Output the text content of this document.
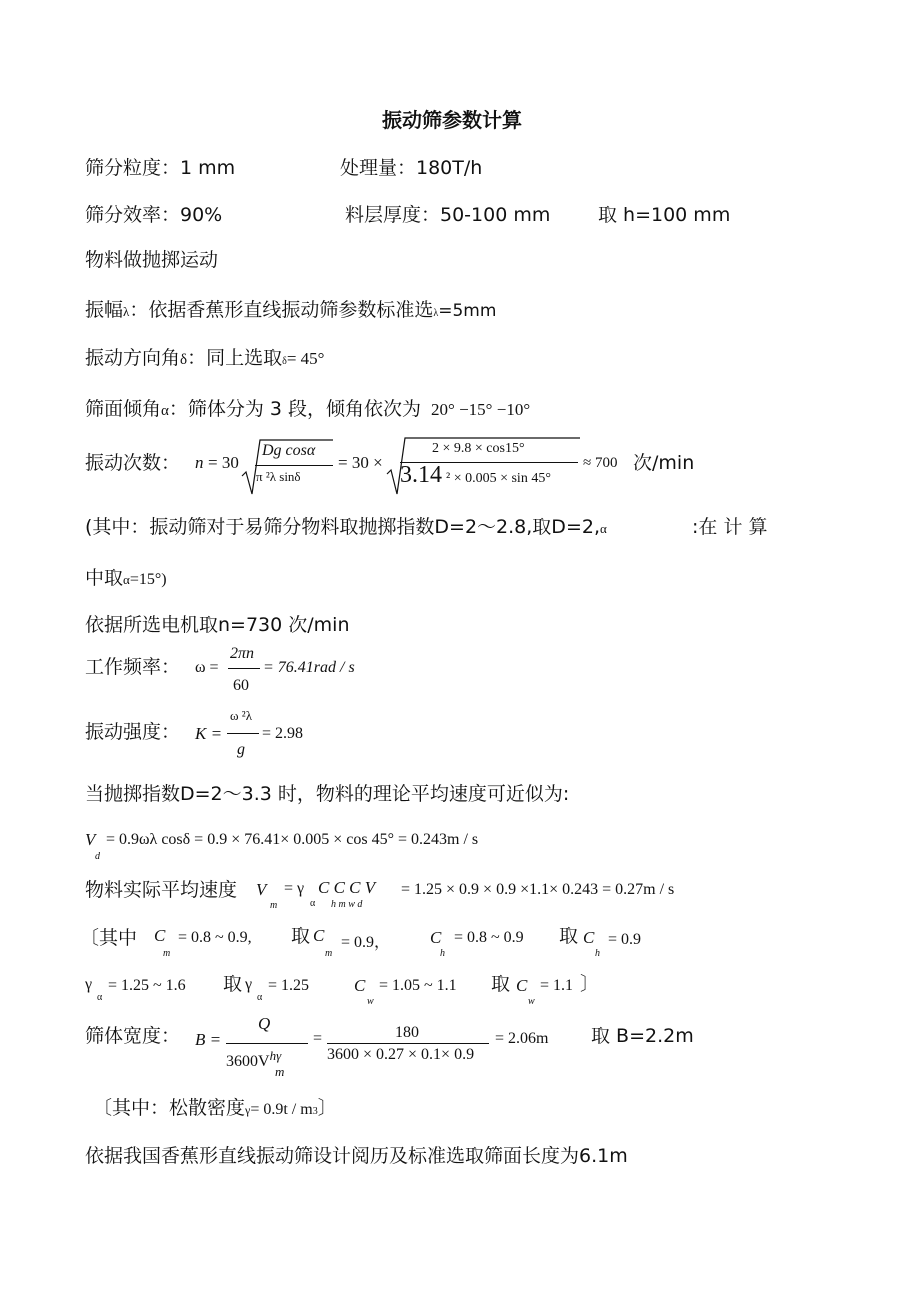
振动筛参数计算
筛分粒度：1 mm	处理量：180T/h
筛分效率：90%	料层厚度：50-100 mm	取 h=100 mm
物料做抛掷运动
振幅λ：依据香蕉形直线振动筛参数标准选λ=5mm
振动方向角δ：同上选取δ= 45°
筛面倾角α：筛体分为 3 段，倾角依次为 20° −15° −10°
振动次数： n = 30
Dg cosα
π ²λ sinδ
= 30 ×
2 × 9.8 × cos15°
3.14 ² × 0.005 × sin 45°
≈ 700 次/min
(其中：振动筛对于易筛分物料取抛掷指数D=2～2.8,取D=2,α	:在 计 算
中取α=15°)
依据所选电机取n=730 次/min
工作频率： ω =
2πn
60
= 76.41rad / s
振动强度： K =
ω ²λ
g
= 2.98
当抛掷指数D=2～3.3 时，物料的理论平均速度可近似为:
V
d
= 0.9ωλ cosδ = 0.9 × 76.41× 0.005 × cos 45° = 0.243m / s
物料实际平均速度 V
m
= γ
α
C C C V
h m w d
= 1.25 × 0.9 × 0.9 ×1.1× 0.243 = 0.27m / s
〔其中 C
m
= 0.8 ~ 0.9, 取 C
m
= 0.9， C
h
= 0.8 ~ 0.9 取 C
h
= 0.9
γ
α
= 1.25 ~ 1.6 取 γ
α
= 1.25	C
w
= 1.05 ~ 1.1 取 C
w
= 1.1 〕
筛体宽度： B =
Q
$3600V^{h\gamma}$
m
=	180
3600 × 0.27 × 0.1× 0.9
= 2.06m 取 B=2.2m
〔其中：松散密度γ= 0.9t / m3〕
依据我国香蕉形直线振动筛设计阅历及标准选取筛面长度为6.1m
